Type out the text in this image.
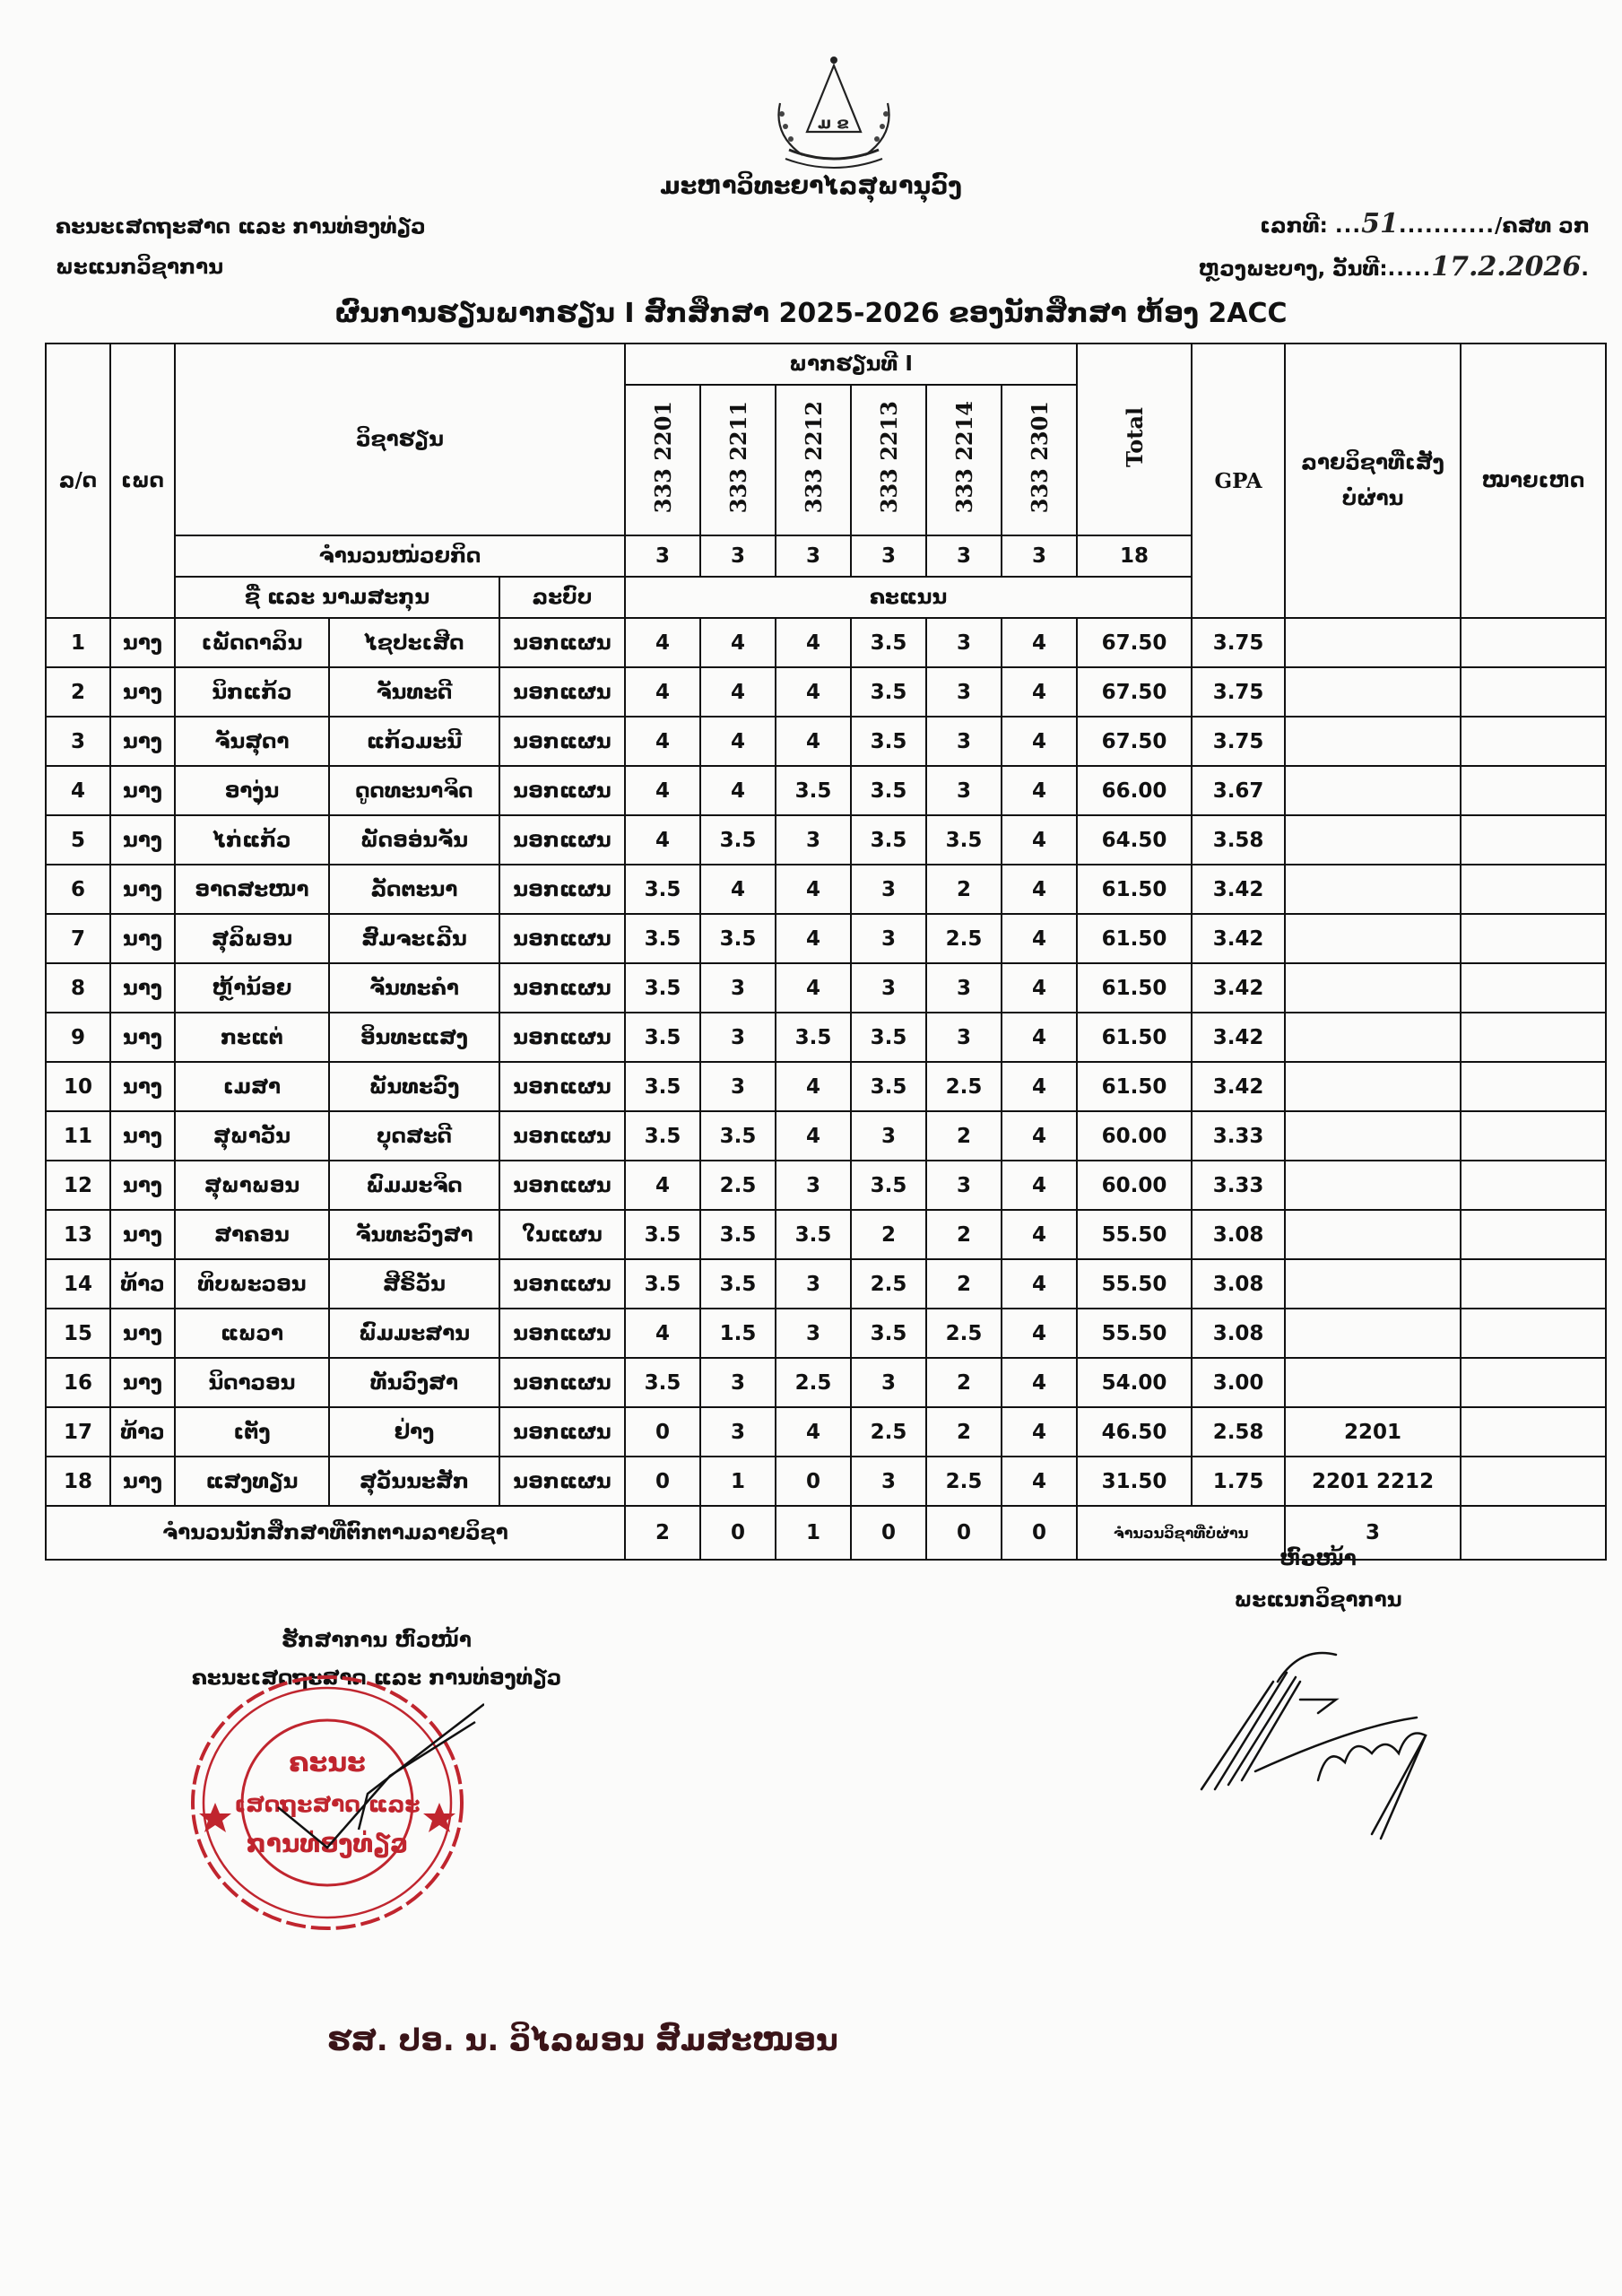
ມ ຂ
ມະຫາວິທະຍາໄລສຸພານຸວົງ
ຄະນະເສດຖະສາດ ແລະ ການທ່ອງທ່ຽວ
ພະແນກວິຊາການ
ເລກທີ: ...51.........../ຄສທ ວກ
ຫຼວງພະບາງ, ວັນທີ:.....17.2.2026.
ຜົນການຮຽນພາກຮຽນ I ສົກສຶກສາ 2025-2026 ຂອງນັກສຶກສາ ຫ້ອງ 2ACC
ລ/ດ	ເພດ	ວິຊາຮຽນ			ພາກຮຽນທີ I						Total	GPA	ລາຍວິຊາທີ່ເສັງບໍ່ຜ່ານ	ໝາຍເຫດ
					333 2201	333 2211	333 2212	333 2213	333 2214	333 2301				
		ຈຳນວນໜ່ວຍກິດ			3	3	3	3	3	3	18			
		ຊື່ ແລະ ນາມສະກຸນ		ລະບົບ	ຄະແນນ									
1	ນາງ	ເພັດດາລິນ	ໄຊປະເສີດ	ນອກແຜນ	4	4	4	3.5	3	4	67.50	3.75		
2	ນາງ	ນິກແກ້ວ	ຈັນທະດີ	ນອກແຜນ	4	4	4	3.5	3	4	67.50	3.75		
3	ນາງ	ຈັນສຸດາ	ແກ້ວມະນີ	ນອກແຜນ	4	4	4	3.5	3	4	67.50	3.75		
4	ນາງ	ອາງຸ່ນ	ດູດທະນາຈິດ	ນອກແຜນ	4	4	3.5	3.5	3	4	66.00	3.67		
5	ນາງ	ໄກ່ແກ້ວ	ພັດອອ່ນຈັນ	ນອກແຜນ	4	3.5	3	3.5	3.5	4	64.50	3.58		
6	ນາງ	ອາດສະໜາ	ລັດຕະນາ	ນອກແຜນ	3.5	4	4	3	2	4	61.50	3.42		
7	ນາງ	ສຸລິພອນ	ສົມຈະເລີນ	ນອກແຜນ	3.5	3.5	4	3	2.5	4	61.50	3.42		
8	ນາງ	ຫຼ້ານ້ອຍ	ຈັນທະຄຳ	ນອກແຜນ	3.5	3	4	3	3	4	61.50	3.42		
9	ນາງ	ກະແຕ່	ອິນທະແສງ	ນອກແຜນ	3.5	3	3.5	3.5	3	4	61.50	3.42		
10	ນາງ	ເມສາ	ພັນທະວົງ	ນອກແຜນ	3.5	3	4	3.5	2.5	4	61.50	3.42		
11	ນາງ	ສຸພາວັນ	ບຸດສະດີ	ນອກແຜນ	3.5	3.5	4	3	2	4	60.00	3.33		
12	ນາງ	ສຸພາພອນ	ພົມມະຈິດ	ນອກແຜນ	4	2.5	3	3.5	3	4	60.00	3.33		
13	ນາງ	ສາຄອນ	ຈັນທະວົງສາ	ໃນແຜນ	3.5	3.5	3.5	2	2	4	55.50	3.08		
14	ທ້າວ	ທິບພະວອນ	ສີຣິວັນ	ນອກແຜນ	3.5	3.5	3	2.5	2	4	55.50	3.08		
15	ນາງ	ແພວາ	ພົມມະສານ	ນອກແຜນ	4	1.5	3	3.5	2.5	4	55.50	3.08		
16	ນາງ	ນິດາວອນ	ທັນວົງສາ	ນອກແຜນ	3.5	3	2.5	3	2	4	54.00	3.00		
17	ທ້າວ	ເຕັງ	ຢ່າງ	ນອກແຜນ	0	3	4	2.5	2	4	46.50	2.58	2201	
18	ນາງ	ແສງທຽນ	ສຸວັນນະສັກ	ນອກແຜນ	0	1	0	3	2.5	4	31.50	1.75	2201 2212	
ຈຳນວນນັກສຶກສາທີ່ຕົກຕາມລາຍວິຊາ					2	0	1	0	0	0	ຈຳນວນວິຊາທີ່ບໍ່ຜ່ານ		3	
ຮັກສາການ ຫົວໜ້າ
ຄະນະເສດຖະສາດ ແລະ ການທ່ອງທ່ຽວ
ຄະນະ
ເສດຖະສາດ ແລະ
ການທ່ອງທ່ຽວ
ຫົວໜ້າ
ພະແນກວິຊາການ
ຮສ. ປອ. ນ. ວິໄລພອນ ສົມສະໜອນ
